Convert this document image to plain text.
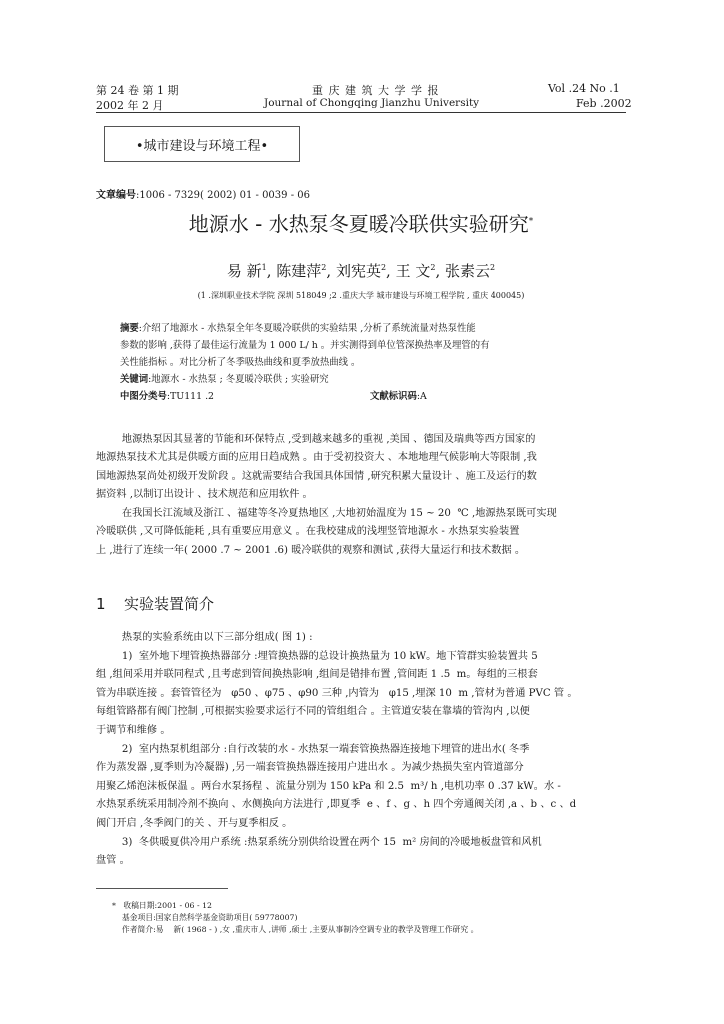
第 24 卷 第 1 期
2002 年 2 月
重 庆 建 筑 大 学 学 报
Journal of Chongqing Jianzhu University
Vol .24 No .1
Feb .2002
•城市建设与环境工程•
文章编号:1006 - 7329( 2002) 01 - 0039 - 06
地源水 - 水热泵冬夏暖冷联供实验研究*
易 新$^1$, 陈建萍$^2$, 刘宪英$^2$, 王 文$^2$, 张素云$^2$
(1 .深圳职业技术学院 深圳 518049 ;2 .重庆大学 城市建设与环境工程学院 , 重庆 400045)
摘要:介绍了地源水 - 水热泵全年冬夏暖冷联供的实验结果 ,分析了系统流量对热泵性能
参数的影响 ,获得了最佳运行流量为 1 000 L/ h 。并实测得到单位管深换热率及埋管的有
关性能指标 。对比分析了冬季吸热曲线和夏季放热曲线 。
关键词:地源水 - 水热泵 ; 冬夏暖冷联供 ; 实验研究
中图分类号:TU111 .2	文献标识码:A

地源热泵因其显著的节能和环保特点 ,受到越来越多的重视 ,美国 、德国及瑞典等西方国家的
地源热泵技术尤其是供暖方面的应用日趋成熟 。由于受初投资大 、本地地理气候影响大等限制 ,我
国地源热泵尚处初级开发阶段 。这就需要结合我国具体国情 ,研究积累大量设计 、施工及运行的数
据资料 ,以制订出设计 、技术规范和应用软件 。

在我国长江流域及浙江 、福建等冬冷夏热地区 ,大地初始温度为 15 ~ 20  ℃ ,地源热泵既可实现
冷暖联供 ,又可降低能耗 ,具有重要应用意义 。在我校建成的浅埋竖管地源水 - 水热泵实验装置
上 ,进行了连续一年( 2000 .7 ~ 2001 .6) 暖冷联供的观察和测试 ,获得大量运行和技术数据 。

1 实验装置简介

热泵的实验系统由以下三部分组成( 图 1) :

1)  室外地下埋管换热器部分 :埋管换热器的总设计换热量为 10 kW。地下管群实验装置共 5
组 ,组间采用并联同程式 ,且考虑到管间换热影响 ,组间是错排布置 ,管间距 1 .5  m。每组的三根套
管为串联连接 。套管管径为   φ50 、φ75 、φ90 三种 ,内管为   φ15 ,埋深 10  m ,管材为普通 PVC 管 。
每组管路都有阀门控制 ,可根据实验要求运行不同的管组组合 。主管道安装在靠墙的管沟内 ,以便
于调节和维修 。

2)  室内热泵机组部分 :自行改装的水 - 水热泵一端套管换热器连接地下埋管的进出水( 冬季
作为蒸发器 ,夏季则为冷凝器) ,另一端套管换热器连接用户进出水 。为减少热损失室内管道部分
用聚乙烯泡沫板保温 。两台水泵扬程 、流量分别为 150 kPa 和 2.5  m³/ h ,电机功率 0 .37 kW。水 -
水热泵系统采用制冷剂不换向 、水侧换向方法进行 ,即夏季  e 、f 、g 、h 四个旁通阀关闭 ,a 、b 、c 、d
阀门开启 ,冬季阀门的关 、开与夏季相反 。

3)  冬供暖夏供冷用户系统 :热泵系统分别供给设置在两个 15  m² 房间的冷暖地板盘管和风机
盘管 。

*   收稿日期:2001 - 06 - 12

基金项目:国家自然科学基金资助项目( 59778007)

作者简介:易    新( 1968 - ) ,女 ,重庆市人 ,讲师 ,硕士 ,主要从事制冷空调专业的教学及管理工作研究 。
